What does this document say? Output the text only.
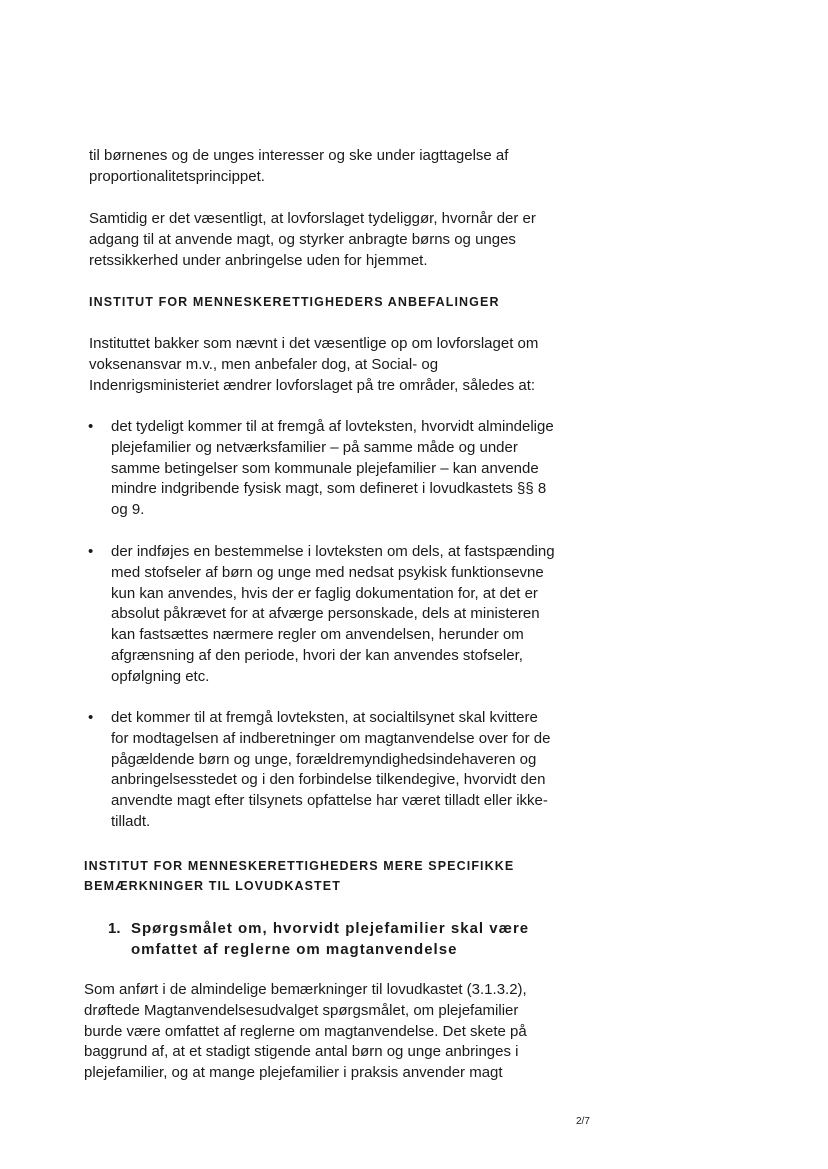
til børnenes og de unges interesser og ske under iagttagelse af
proportionalitetsprincippet.

Samtidig er det væsentligt, at lovforslaget tydeliggør, hvornår der er
adgang til at anvende magt, og styrker anbragte børns og unges
retssikkerhed under anbringelse uden for hjemmet.

INSTITUT FOR MENNESKERETTIGHEDERS ANBEFALINGER

Instituttet bakker som nævnt i det væsentlige op om lovforslaget om
voksenansvar m.v., men anbefaler dog, at Social- og
Indenrigsministeriet ændrer lovforslaget på tre områder, således at:

• det tydeligt kommer til at fremgå af lovteksten, hvorvidt almindelige
plejefamilier og netværksfamilier – på samme måde og under
samme betingelser som kommunale plejefamilier – kan anvende
mindre indgribende fysisk magt, som defineret i lovudkastets §§ 8
og 9.

• der indføjes en bestemmelse i lovteksten om dels, at fastspænding
med stofseler af børn og unge med nedsat psykisk funktionsevne
kun kan anvendes, hvis der er faglig dokumentation for, at det er
absolut påkrævet for at afværge personskade, dels at ministeren
kan fastsættes nærmere regler om anvendelsen, herunder om
afgrænsning af den periode, hvori der kan anvendes stofseler,
opfølgning etc.

• det kommer til at fremgå lovteksten, at socialtilsynet skal kvittere
for modtagelsen af indberetninger om magtanvendelse over for de
pågældende børn og unge, forældremyndighedsindehaveren og
anbringelsesstedet og i den forbindelse tilkendegive, hvorvidt den
anvendte magt efter tilsynets opfattelse har været tilladt eller ikke-
tilladt.

INSTITUT FOR MENNESKERETTIGHEDERS MERE SPECIFIKKE
BEMÆRKNINGER TIL LOVUDKASTET
1. Spørgsmålet om, hvorvidt plejefamilier skal være
omfattet af reglerne om magtanvendelse

Som anført i de almindelige bemærkninger til lovudkastet (3.1.3.2),
drøftede Magtanvendelsesudvalget spørgsmålet, om plejefamilier
burde være omfattet af reglerne om magtanvendelse. Det skete på
baggrund af, at et stadigt stigende antal børn og unge anbringes i
plejefamilier, og at mange plejefamilier i praksis anvender magt

2/7
